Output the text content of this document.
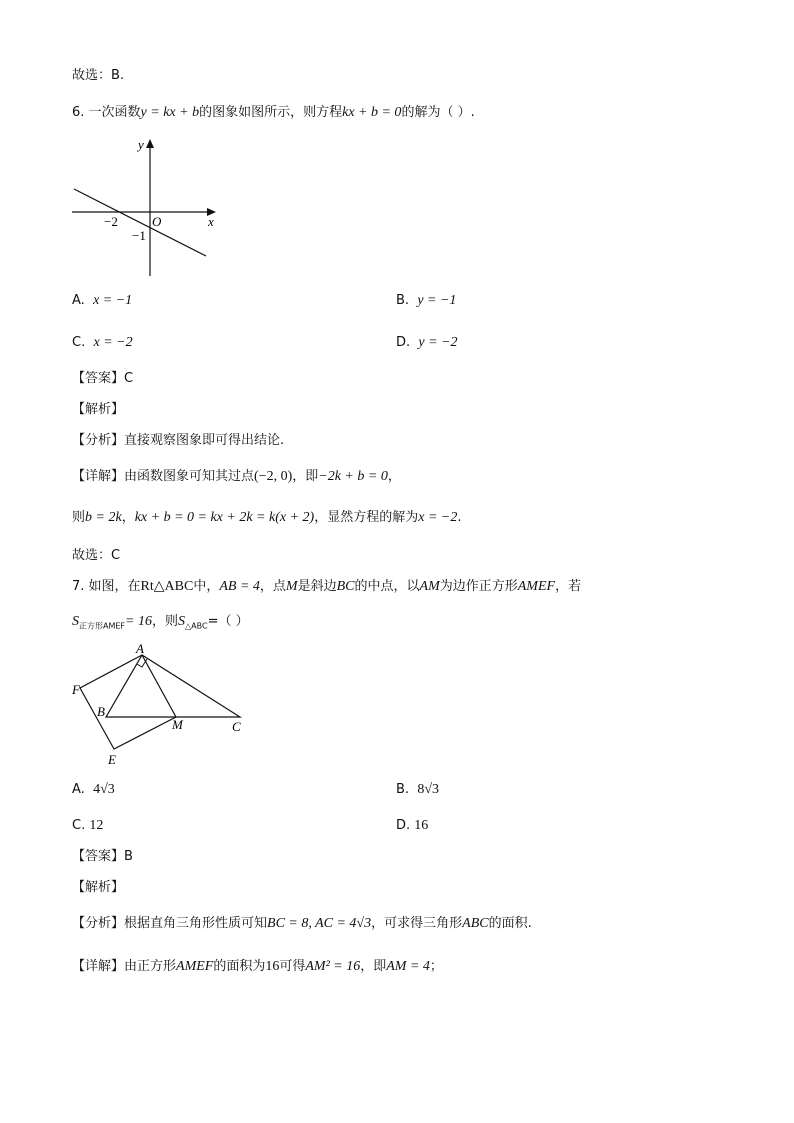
故选：B.
6. 一次函数y = kx + b的图象如图所示，则方程kx + b = 0的解为（ ）.
y
x
O
−2
−1
A. x = −1	B. y = −1
C. x = −2	D. y = −2
【答案】C
【解析】
【分析】直接观察图象即可得出结论.
【详解】由函数图象可知其过点(−2, 0)，即−2k + b = 0，
则b = 2k，kx + b = 0 = kx + 2k = k(x + 2)，显然方程的解为x = −2.
故选：C
7. 如图，在Rt△ABC中，AB = 4，点M是斜边BC的中点，以AM为边作正方形AMEF，若
$S_{正方形AMEF}= 16$，则$S_{\triangle ABC}=$（ ）
A
F
B
M	C
E
A. 4√3	B. 8√3
C. 12	D. 16
【答案】B
【解析】
【分析】根据直角三角形性质可知BC = 8, AC = 4√3，可求得三角形ABC的面积.
【详解】由正方形AMEF的面积为16可得AM² = 16，即AM = 4；
